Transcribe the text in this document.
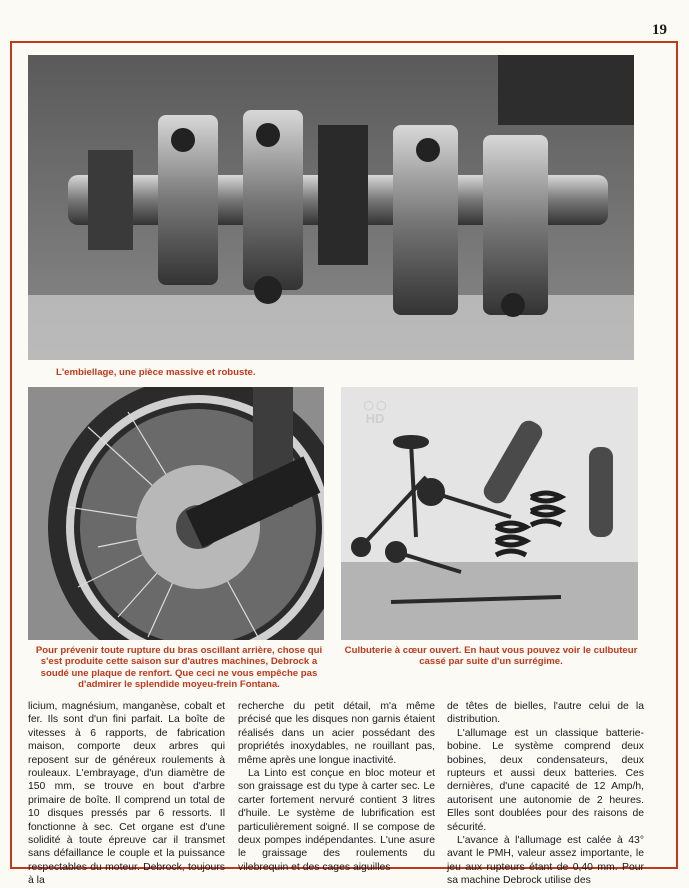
19
L'embiellage, une pièce massive et robuste.
Pour prévenir toute rupture du bras oscillant arrière, chose qui s'est produite cette saison sur d'autres machines, Debrock a soudé une plaque de renfort. Que ceci ne vous empêche pas d'admirer le splendide moyeu-frein Fontana.
Culbuterie à cœur ouvert. En haut vous pouvez voir le culbuteur cassé par suite d'un surrégime.
◯ ◯
HD

licium, magnésium, manganèse, cobalt et fer. Ils sont d'un fini parfait. La boîte de vitesses à 6 rapports, de fabrication maison, comporte deux arbres qui reposent sur de généreux roulements à rouleaux. L'embrayage, d'un diamètre de 150 mm, se trouve en bout d'arbre primaire de boîte. Il comprend un total de 10 disques pressés par 6 ressorts. Il fonctionne à sec. Cet organe est d'une solidité à toute épreuve car il transmet sans défaillance le couple et la puissance respectables du moteur. Debrock, toujours à la

recherche du petit détail, m'a même précisé que les disques non garnis étaient réalisés dans un acier possédant des propriétés inoxydables, ne rouillant pas, même après une longue inactivité.

La Linto est conçue en bloc moteur et son graissage est du type à carter sec. Le carter fortement nervuré contient 3 litres d'huile. Le système de lubrification est particulièrement soigné. Il se compose de deux pompes indépendantes. L'une asure le graissage des roulements du vilebrequin et des cages aiguilles

de têtes de bielles, l'autre celui de la distribution.

L'allumage est un classique batterie-bobine. Le système comprend deux bobines, deux condensateurs, deux rupteurs et aussi deux batteries. Ces dernières, d'une capacité de 12 Amp/h, autorisent une autonomie de 2 heures. Elles sont doublées pour des raisons de sécurité.

L'avance à l'allumage est calée à 43° avant le PMH, valeur assez importante, le jeu aux rupteurs étant de 0,40 mm. Pour sa machine Debrock utilise des
